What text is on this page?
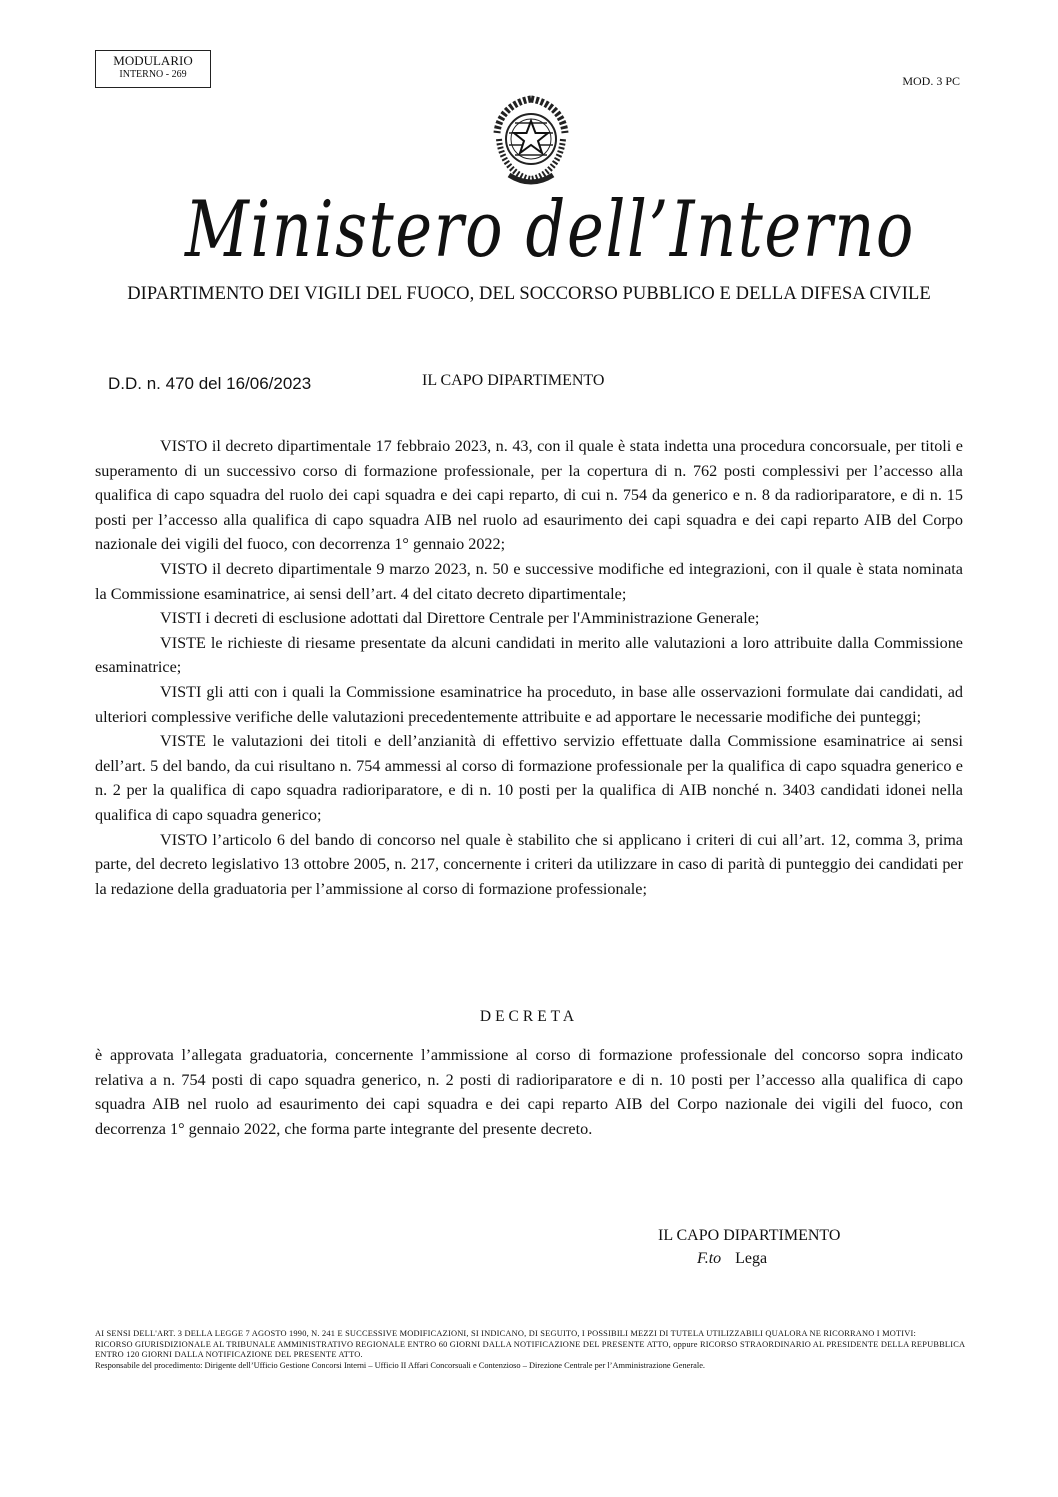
MODULARIO
INTERNO - 269	MOD. 3 PC
Ministero dell’Interno
DIPARTIMENTO DEI VIGILI DEL FUOCO, DEL SOCCORSO PUBBLICO E DELLA DIFESA CIVILE
D.D. n. 470 del 16/06/2023	IL CAPO DIPARTIMENTO

VISTO il decreto dipartimentale 17 febbraio 2023, n. 43, con il quale è stata indetta una procedura concorsuale, per titoli e superamento di un successivo corso di formazione professionale, per la copertura di n. 762 posti complessivi per l’accesso alla qualifica di capo squadra del ruolo dei capi squadra e dei capi reparto, di cui n. 754 da generico e n. 8 da radioriparatore, e di n. 15 posti per l’accesso alla qualifica di capo squadra AIB nel ruolo ad esaurimento dei capi squadra e dei capi reparto AIB del Corpo nazionale dei vigili del fuoco, con decorrenza 1° gennaio 2022;

VISTO il decreto dipartimentale 9 marzo 2023, n. 50 e successive modifiche ed integrazioni, con il quale è stata nominata la Commissione esaminatrice, ai sensi dell’art. 4 del citato decreto dipartimentale;

VISTI i decreti di esclusione adottati dal Direttore Centrale per l'Amministrazione Generale;

VISTE le richieste di riesame presentate da alcuni candidati in merito alle valutazioni a loro attribuite dalla Commissione esaminatrice;

VISTI gli atti con i quali la Commissione esaminatrice ha proceduto, in base alle osservazioni formulate dai candidati, ad ulteriori complessive verifiche delle valutazioni precedentemente attribuite e ad apportare le necessarie modifiche dei punteggi;

VISTE le valutazioni dei titoli e dell’anzianità di effettivo servizio effettuate dalla Commissione esaminatrice ai sensi dell’art. 5 del bando, da cui risultano n. 754 ammessi al corso di formazione professionale per la qualifica di capo squadra generico e n. 2 per la qualifica di capo squadra radioriparatore, e di n. 10 posti per la qualifica di AIB nonché n. 3403 candidati idonei nella qualifica di capo squadra generico;

VISTO l’articolo 6 del bando di concorso nel quale è stabilito che si applicano i criteri di cui all’art. 12, comma 3, prima parte, del decreto legislativo 13 ottobre 2005, n. 217, concernente i criteri da utilizzare in caso di parità di punteggio dei candidati per la redazione della graduatoria per l’ammissione al corso di formazione professionale;

DECRETA

è approvata l’allegata graduatoria, concernente l’ammissione al corso di formazione professionale del concorso sopra indicato relativa a n. 754 posti di capo squadra generico, n. 2 posti di radioriparatore e di n. 10 posti per l’accesso alla qualifica di capo squadra AIB nel ruolo ad esaurimento dei capi squadra e dei capi reparto AIB del Corpo nazionale dei vigili del fuoco, con decorrenza 1° gennaio 2022, che forma parte integrante del presente decreto.

IL CAPO DIPARTIMENTO
F.to Lega

AI SENSI DELL'ART. 3 DELLA LEGGE 7 AGOSTO 1990, N. 241 E SUCCESSIVE MODIFICAZIONI, SI INDICANO, DI SEGUITO, I POSSIBILI MEZZI DI TUTELA UTILIZZABILI QUALORA NE RICORRANO I MOTIVI:

RICORSO GIURISDIZIONALE AL TRIBUNALE AMMINISTRATIVO REGIONALE ENTRO 60 GIORNI DALLA NOTIFICAZIONE DEL PRESENTE ATTO, oppure RICORSO STRAORDINARIO AL PRESIDENTE DELLA REPUBBLICA ENTRO 120 GIORNI DALLA NOTIFICAZIONE DEL PRESENTE ATTO.

Responsabile del procedimento: Dirigente dell’Ufficio Gestione Concorsi Interni – Ufficio II Affari Concorsuali e Contenzioso – Direzione Centrale per l’Amministrazione Generale.
